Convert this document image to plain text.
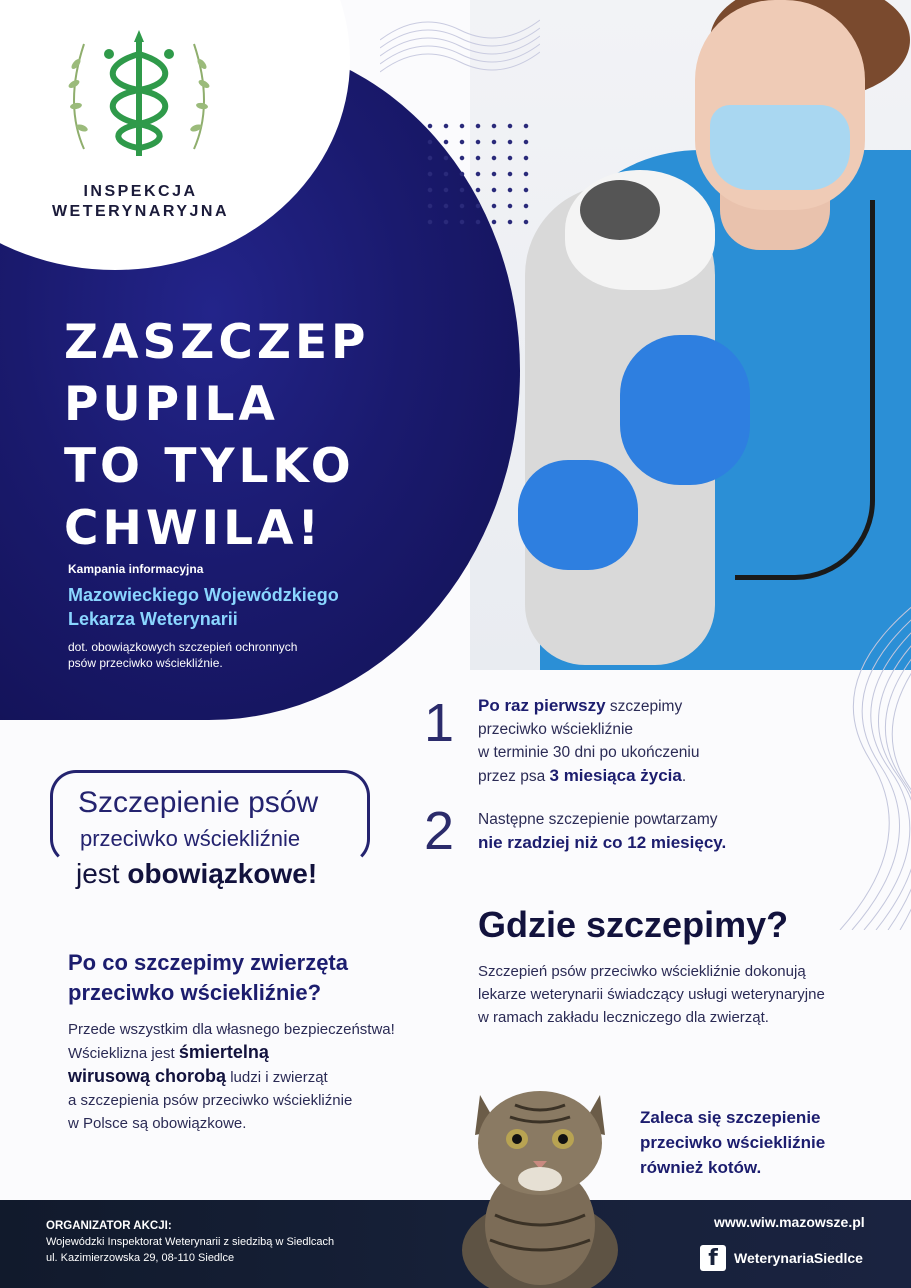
INSPEKCJA
WETERYNARYJNA
ZASZCZEP
PUPILA
TO TYLKO
CHWILA!
Kampania informacyjna
Mazowieckiego Wojewódzkiego
Lekarza Weterynarii
dot. obowiązkowych szczepień ochronnych
psów przeciwko wściekliźnie.
1 Po raz pierwszy szczepimy
przeciwko wściekliźnie
w terminie 30 dni po ukończeniu
przez psa 3 miesiąca życia.
2 Następne szczepienie powtarzamy
nie rzadziej niż co 12 miesięcy.
Szczepienie psów
przeciwko wściekliźnie
jest obowiązkowe!
Po co szczepimy zwierzęta
przeciwko wściekliźnie?
Przede wszystkim dla własnego bezpieczeństwa!
Wścieklizna jest śmiertelną
wirusową chorobą ludzi i zwierząt
a szczepienia psów przeciwko wściekliźnie
w Polsce są obowiązkowe.
Gdzie szczepimy?
Szczepień psów przeciwko wściekliźnie dokonują
lekarze weterynarii świadczący usługi weterynaryjne
w ramach zakładu leczniczego dla zwierząt.
Zaleca się szczepienie
przeciwko wściekliźnie
również kotów.
ORGANIZATOR AKCJI:
Wojewódzki Inspektorat Weterynarii z siedzibą w Siedlcach
ul. Kazimierzowska 29, 08-110 Siedlce
www.wiw.mazowsze.pl
f	WeterynariaSiedlce
